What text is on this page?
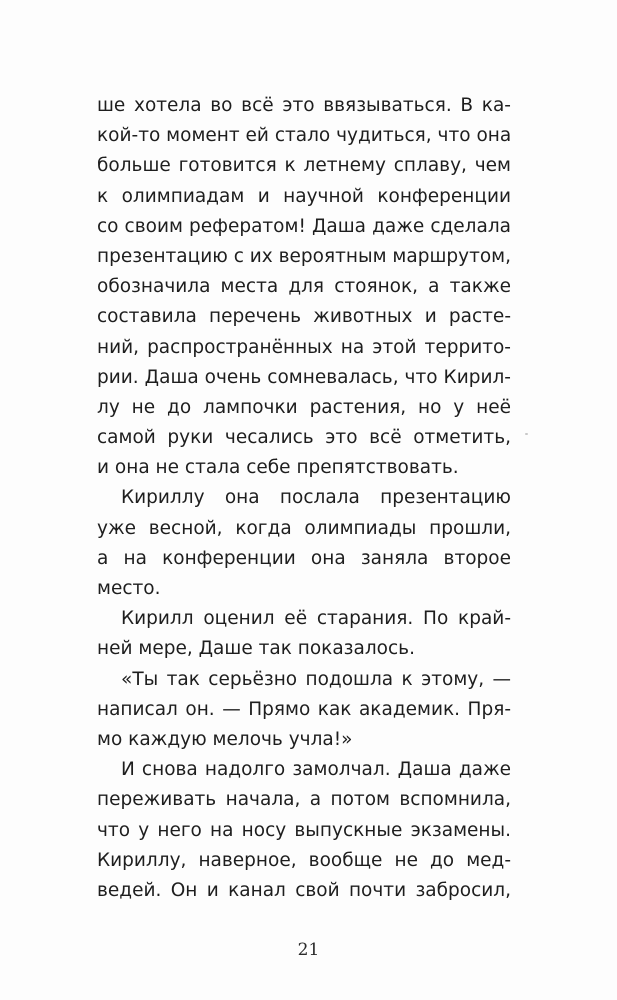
ше хотела во всё это ввязываться. В ка-
кой-то момент ей стало чудиться, что она
больше готовится к летнему сплаву, чем
к олимпиадам и научной конференции
со своим рефератом! Даша даже сделала
презентацию с их вероятным маршрутом,
обозначила места для стоянок, а также
составила перечень животных и расте-
ний, распространённых на этой террито-
рии. Даша очень сомневалась, что Кирил-
лу не до лампочки растения, но у неё
самой руки чесались это всё отметить,
и она не стала себе препятствовать.
Кириллу она послала презентацию
уже весной, когда олимпиады прошли,
а на конференции она заняла второе
место.
Кирилл оценил её старания. По край-
ней мере, Даше так показалось.
«Ты так серьёзно подошла к этому, —
написал он. — Прямо как академик. Пря-
мо каждую мелочь учла!»
И снова надолго замолчал. Даша даже
переживать начала, а потом вспомнила,
что у него на носу выпускные экзамены.
Кириллу, наверное, вообще не до мед-
ведей. Он и канал свой почти забросил,
21
